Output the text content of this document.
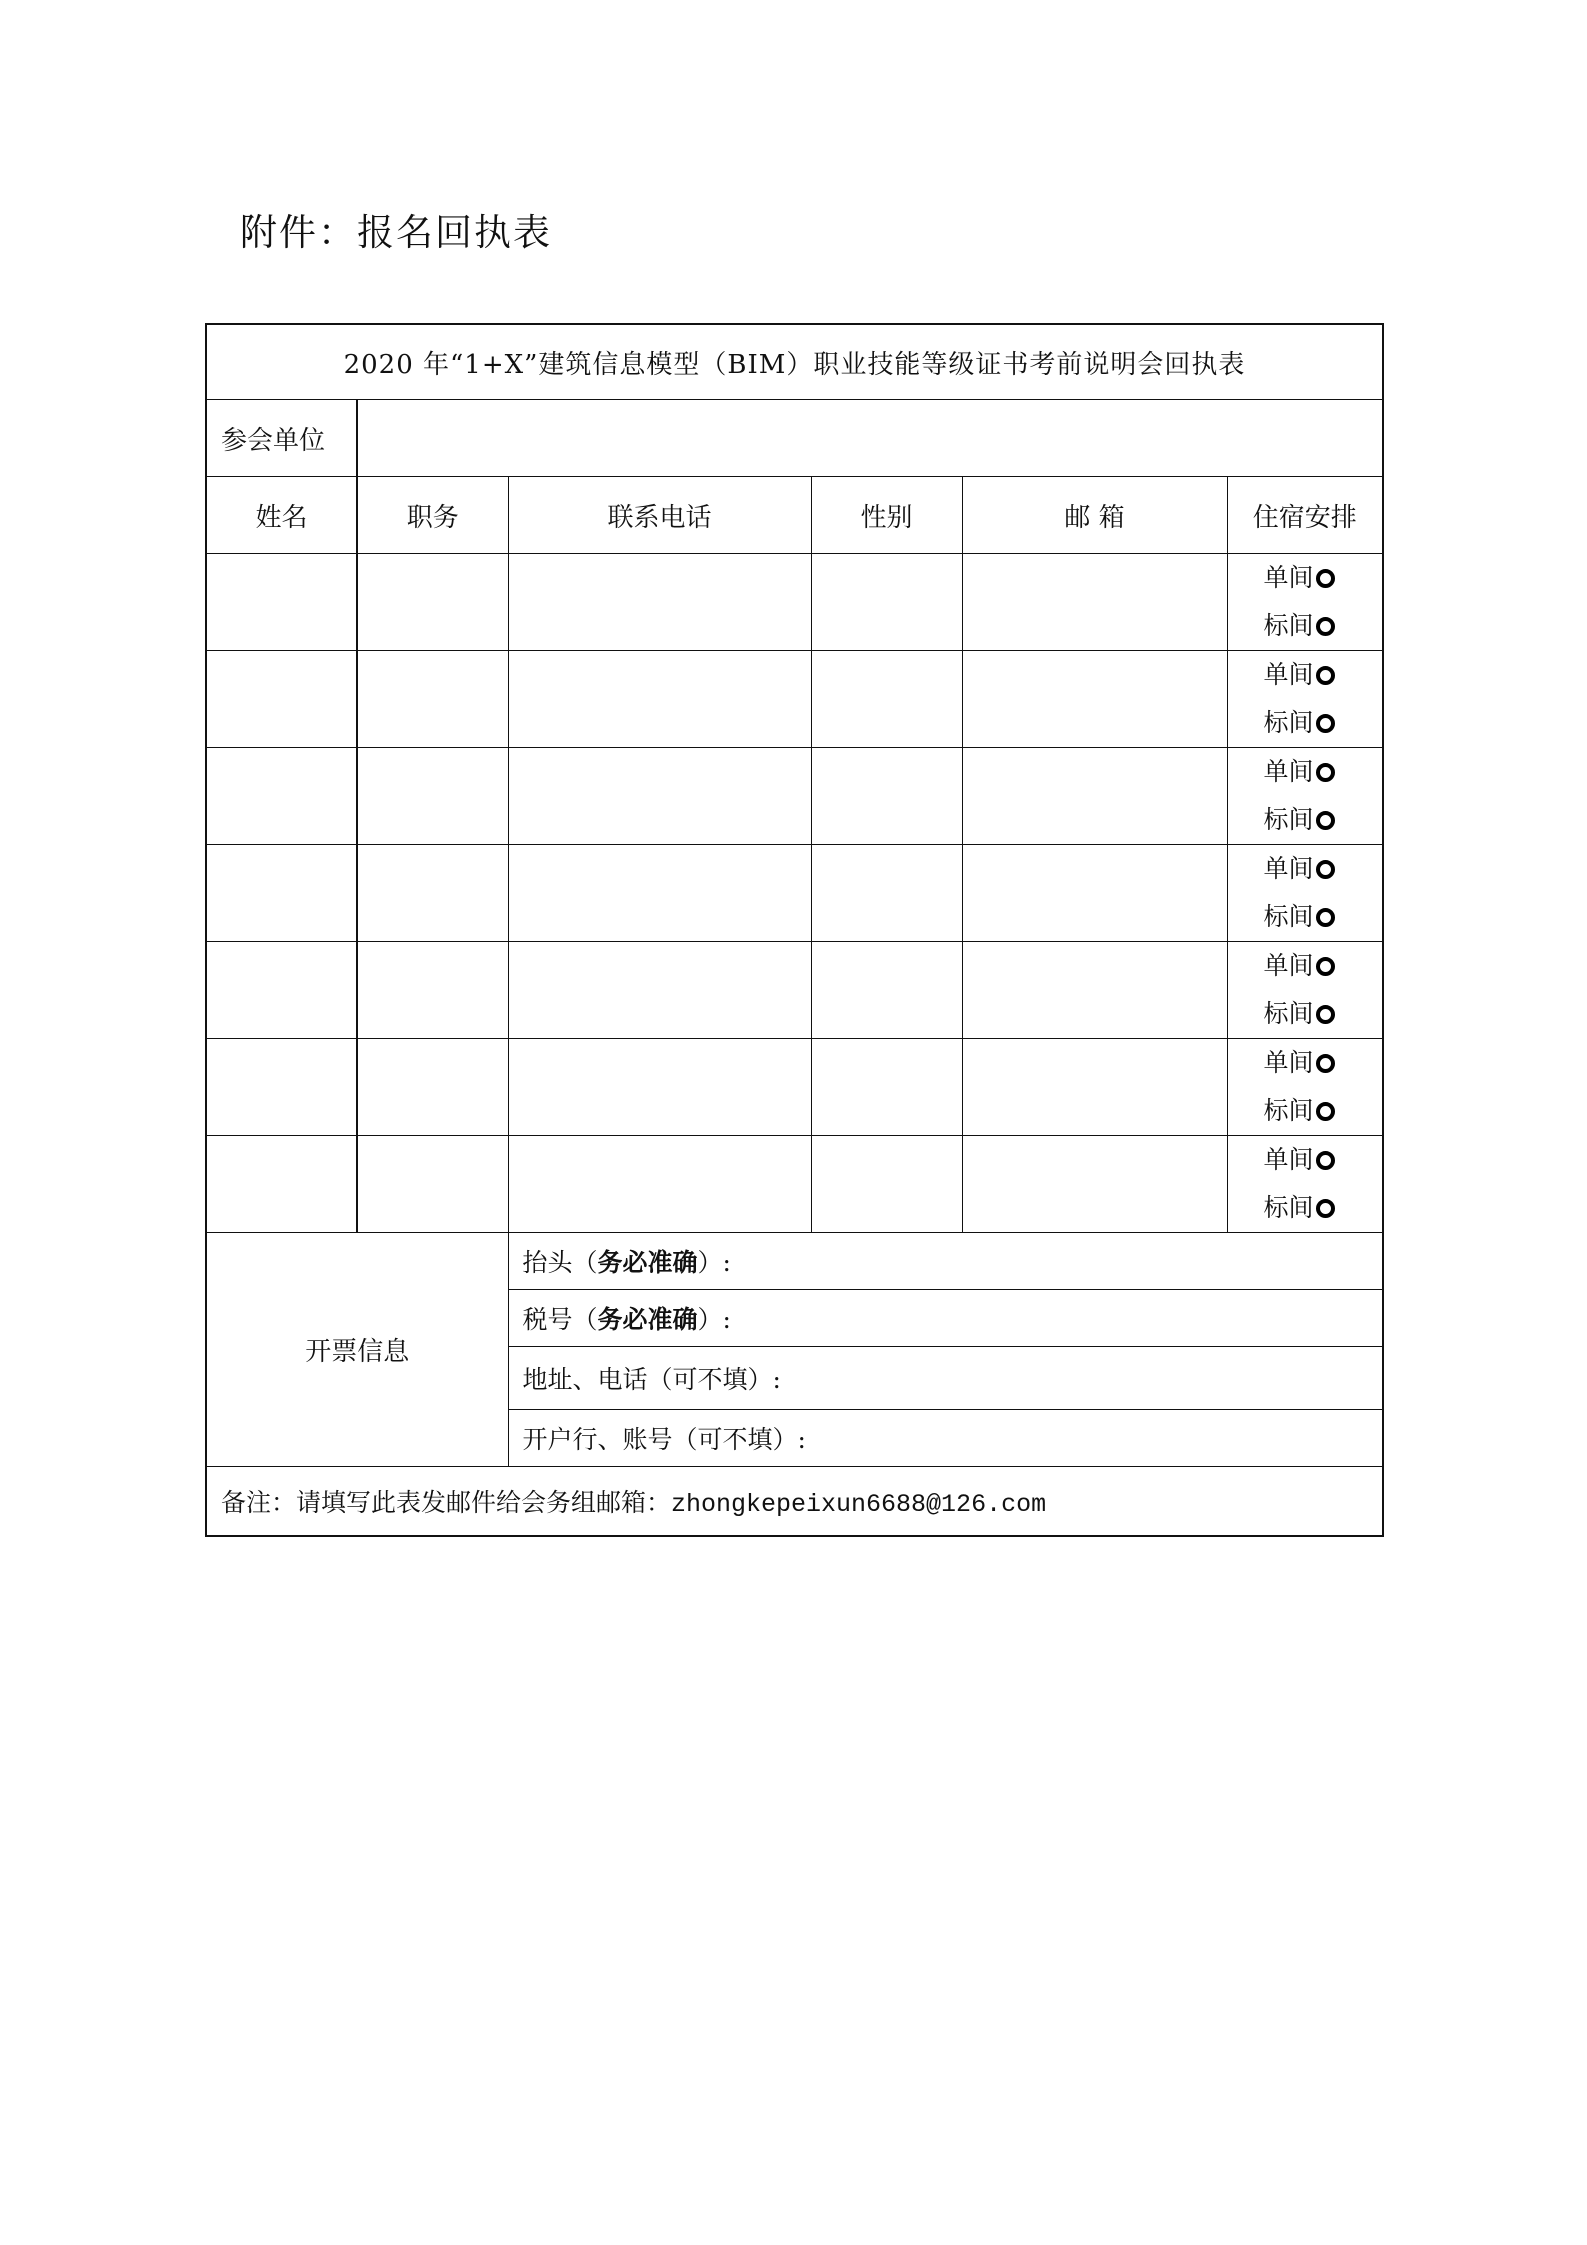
附件：报名回执表
2020 年“1+X”建筑信息模型（BIM）职业技能等级证书考前说明会回执表					
参会单位					
姓名	职务	联系电话	性别	邮 箱	住宿安排

					单间
标间

					单间
标间

					单间
标间

					单间
标间

					单间
标间

					单间
标间

					单间
标间

开票信息		抬头（务必准确）:			
		税号（务必准确）:			
		地址、电话（可不填）:			
		开户行、账号（可不填）:			
备注：请填写此表发邮件给会务组邮箱：zhongkepeixun6688@126.com					
